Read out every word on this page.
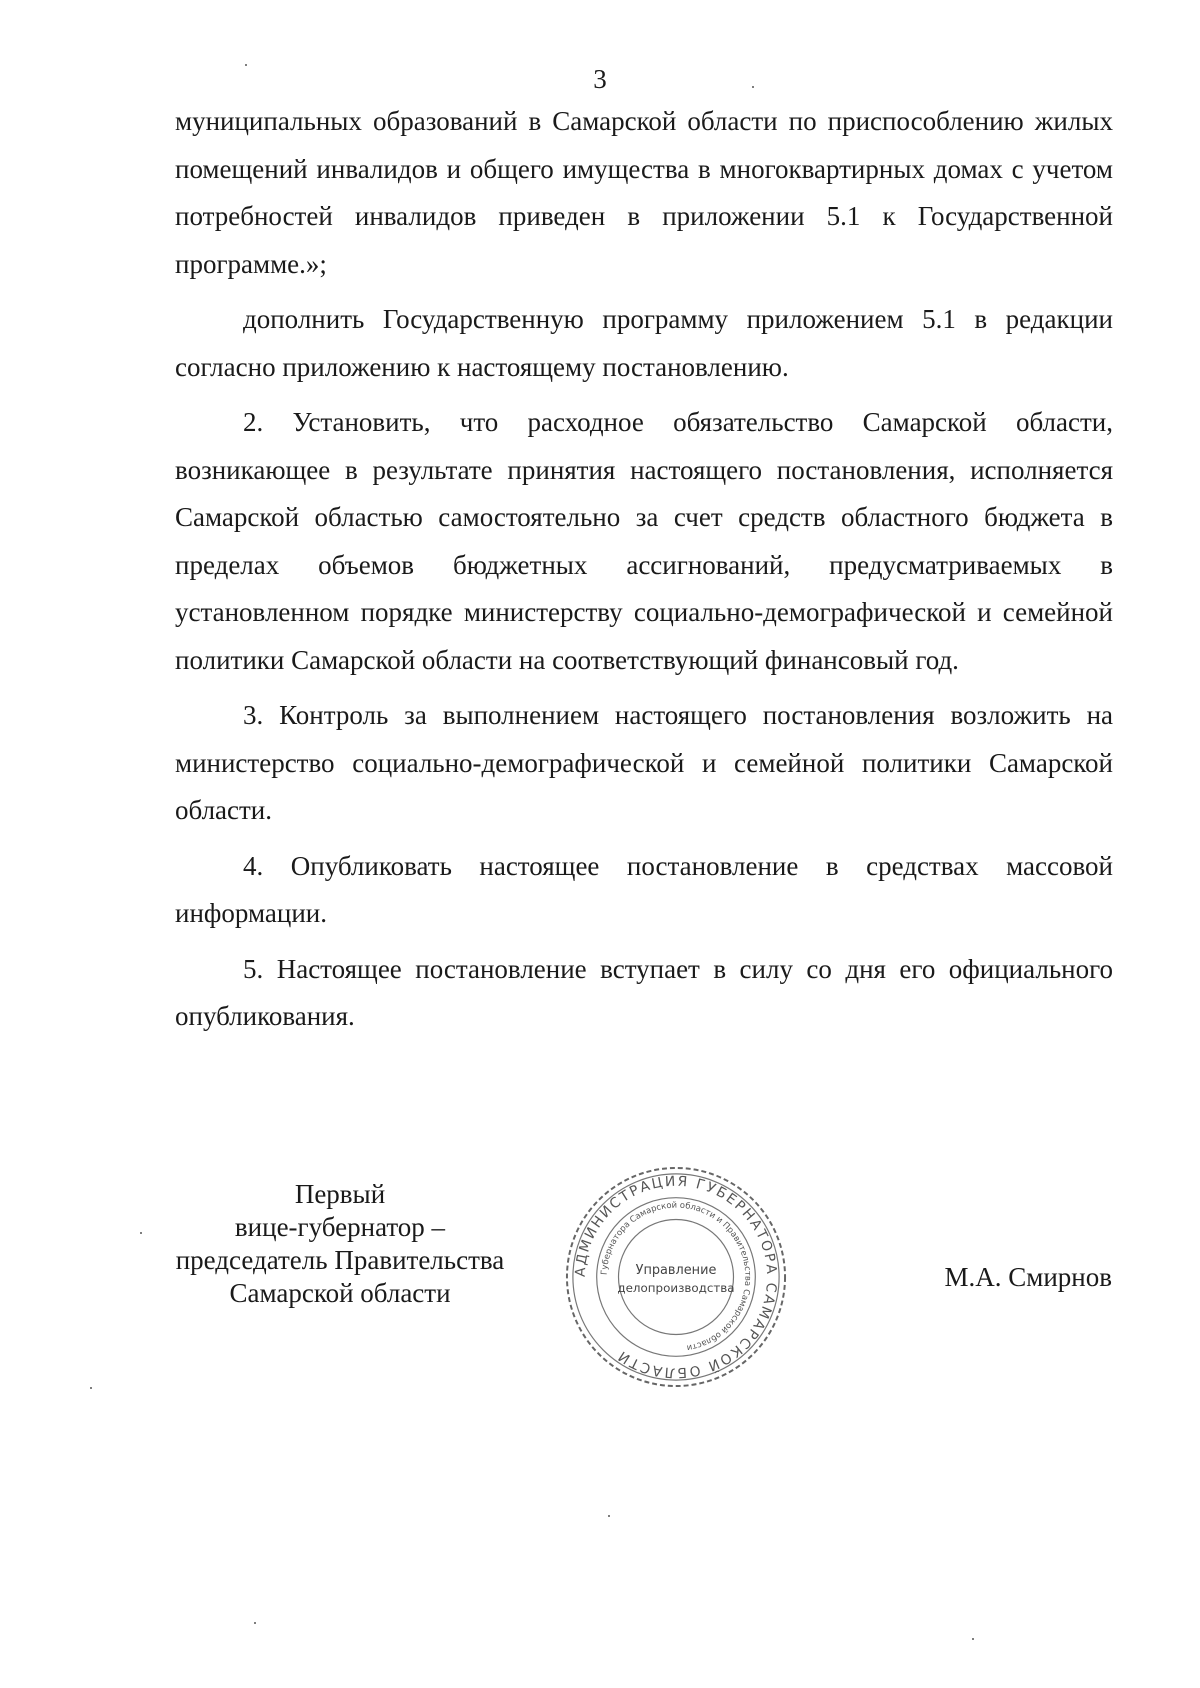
3

муниципальных образований в Самарской области по приспособлению жилых помещений инвалидов и общего имущества в многоквартирных домах с учетом потребностей инвалидов приведен в приложении 5.1 к Государственной программе.»;

дополнить Государственную программу приложением 5.1 в редакции согласно приложению к настоящему постановлению.

2. Установить, что расходное обязательство Самарской области, возникающее в результате принятия настоящего постановления, исполняется Самарской областью самостоятельно за счет средств областного бюджета в пределах объемов бюджетных ассигнований, предусматриваемых в установленном порядке министерству социально-демографической и семейной политики Самарской области на соответствующий финансовый год.

3. Контроль за выполнением настоящего постановления возложить на министерство социально-демографической и семейной политики Самарской области.

4. Опубликовать настоящее постановление в средствах массовой информации.

5. Настоящее постановление вступает в силу со дня его официального опубликования.

Первый
вице-губернатор –
председатель Правительства
Самарской области
АДМИНИСТРАЦИЯ ГУБЕРНАТОРА САМАРСКОЙ ОБЛАСТИ
Губернатора Самарской области и Правительства Самарской области
Управление
делопроизводства	М.А. Смирнов
